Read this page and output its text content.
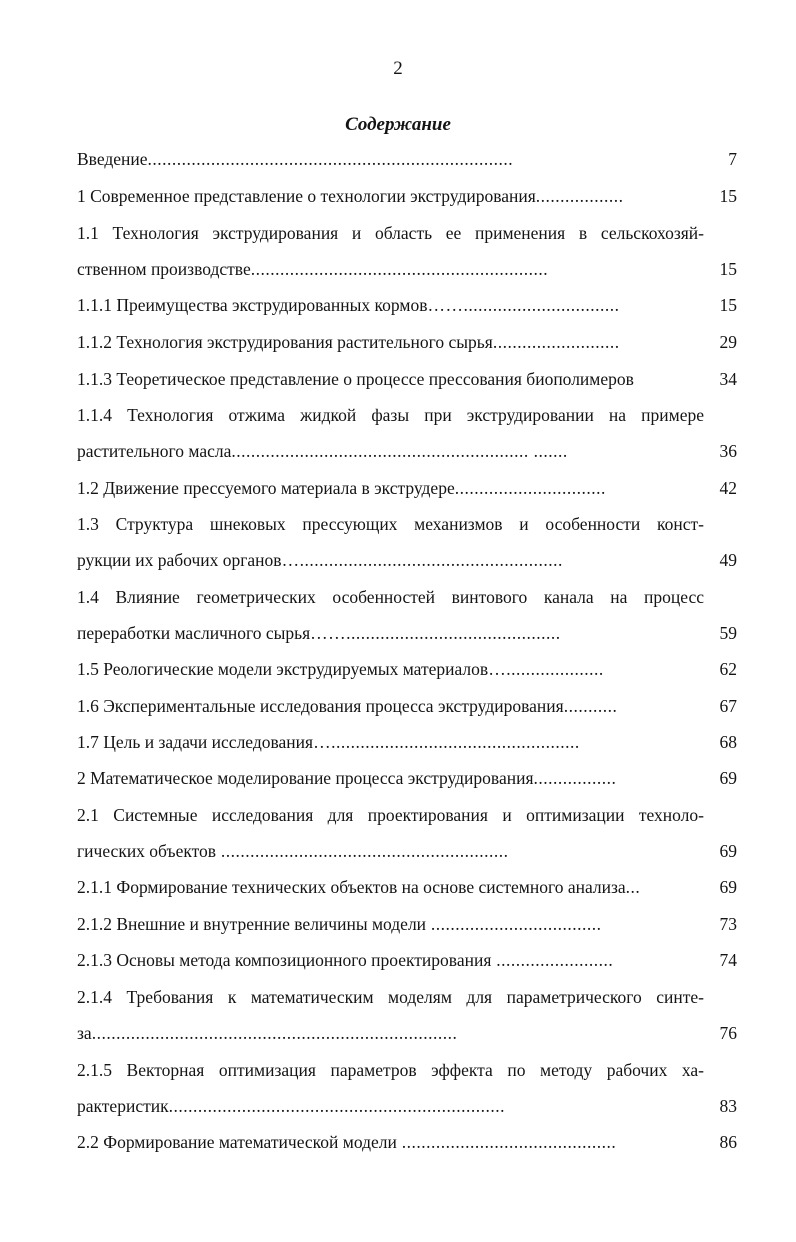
2
Содержание
Введение...........................................................................	7
1 Современное представление о технологии экструдирования..................	15
1.1 Технология экструдирования и область ее применения в сельскохозяй-
ственном производстве.............................................................	15
1.1.1 Преимущества экструдированных кормов……................................	15
1.1.2 Технология экструдирования растительного сырья..........................	29
1.1.3 Теоретическое представление о процессе прессования биополимеров	34
1.1.4 Технология отжима жидкой фазы при экструдировании на примере
растительного масла............................................................. .......	36
1.2 Движение прессуемого материала в экструдере...............................	42
1.3 Структура шнековых прессующих механизмов и особенности конст-
рукции их рабочих органов…......................................................	49
1.4 Влияние геометрических особенностей винтового канала на процесс
переработки масличного сырья……............................................	59
1.5 Реологические модели экструдируемых материалов…....................	62
1.6 Экспериментальные исследования процесса экструдирования...........	67
1.7 Цель и задачи исследования…...................................................	68
2 Математическое моделирование процесса экструдирования.................	69
2.1 Системные исследования для проектирования и оптимизации техноло-
гических объектов ...........................................................	69
2.1.1 Формирование технических объектов на основе системного анализа...	69
2.1.2 Внешние и внутренние величины модели ...................................	73
2.1.3 Основы метода композиционного проектирования ........................	74
2.1.4 Требования к математическим моделям для параметрического синте-
за...........................................................................	76
2.1.5 Векторная оптимизация параметров эффекта по методу рабочих ха-
рактеристик.....................................................................	83
2.2 Формирование математической модели ............................................	86
